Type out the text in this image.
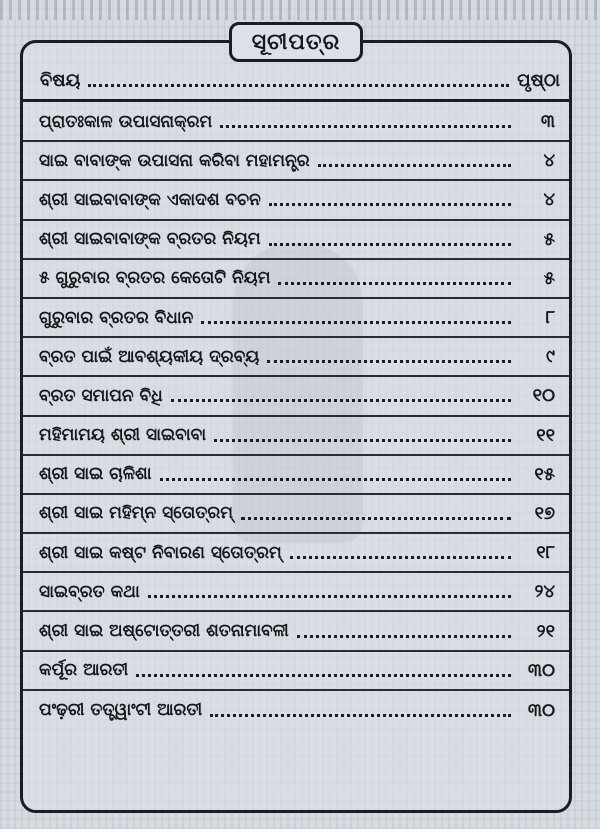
ବିଷୟ	ପୃଷ୍ଠା
ପ୍ରାତଃକାଳ ଉପାସନାକ୍ରମ	୩
ସାଇ ବାବାଙ୍କ ଉପାସନା କରିବା ମହାମନ୍ତ୍ର	୪
ଶ୍ରୀ ସାଇବାବାଙ୍କ ଏକାଦଶ ବଚନ	୪
ଶ୍ରୀ ସାଇବାବାଙ୍କ ବ୍ରତର ନିୟମ	୫
୫ ଗୁରୁବାର ବ୍ରତର କେତୋଟି ନିୟମ	୫
ଗୁରୁବାର ବ୍ରତର ବିଧାନ	୮
ବ୍ରତ ପାଇଁ ଆବଶ୍ୟକୀୟ ଦ୍ରବ୍ୟ	୯
ବ୍ରତ ସମାପନ ବିଧି	୧୦
ମହିମାମୟ ଶ୍ରୀ ସାଇବାବା	୧୧
ଶ୍ରୀ ସାଇ ଚାଳିଶା	୧୫
ଶ୍ରୀ ସାଇ ମହିମ୍ନ ସ୍ତୋତ୍ରମ୍	୧୭
ଶ୍ରୀ ସାଇ କଷ୍ଟ ନିବାରଣ ସ୍ତୋତ୍ରମ୍	୧୮
ସାଇବ୍ରତ କଥା	୨୪
ଶ୍ରୀ ସାଇ ଅଷ୍ଟୋତ୍ତରୀ ଶତନାମାବଳୀ	୨୧
କର୍ପୂର ଆରତୀ	୩୦
ପଂଢ଼ରୀ ତତ୍ତ୍ୱାଂଟୀ ଆରତୀ	୩୦
ସୂଚୀପତ୍ର
